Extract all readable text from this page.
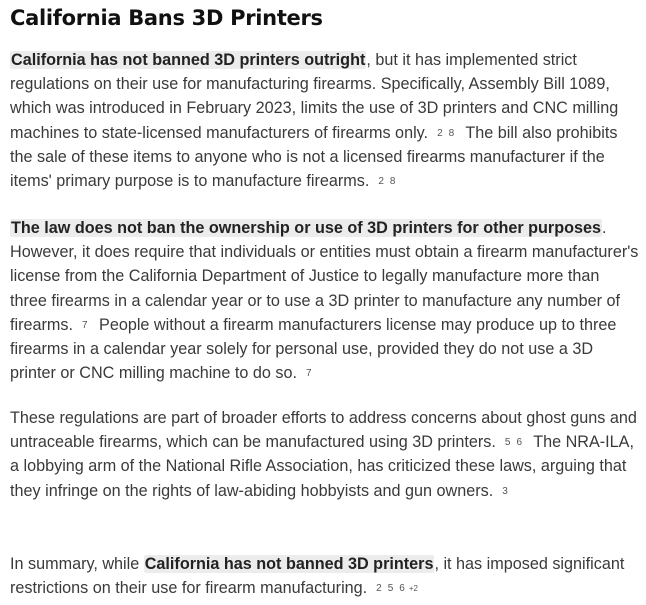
California Bans 3D Printers

California has not banned 3D printers outright, but it has implemented strict regulations on their use for manufacturing firearms. Specifically, Assembly Bill 1089, which was introduced in February 2023, limits the use of 3D printers and CNC milling machines to state-licensed manufacturers of firearms only. 2 8 The bill also prohibits the sale of these items to anyone who is not a licensed firearms manufacturer if the items' primary purpose is to manufacture firearms. 2 8

The law does not ban the ownership or use of 3D printers for other purposes. However, it does require that individuals or entities must obtain a firearm manufacturer's license from the California Department of Justice to legally manufacture more than three firearms in a calendar year or to use a 3D printer to manufacture any number of firearms. 7 People without a firearm manufacturers license may produce up to three firearms in a calendar year solely for personal use, provided they do not use a 3D printer or CNC milling machine to do so. 7

These regulations are part of broader efforts to address concerns about ghost guns and untraceable firearms, which can be manufactured using 3D printers. 5 6 The NRA-ILA, a lobbying arm of the National Rifle Association, has criticized these laws, arguing that they infringe on the rights of law-abiding hobbyists and gun owners. 3

In summary, while California has not banned 3D printers, it has imposed significant restrictions on their use for firearm manufacturing. 2 5 6 +2
